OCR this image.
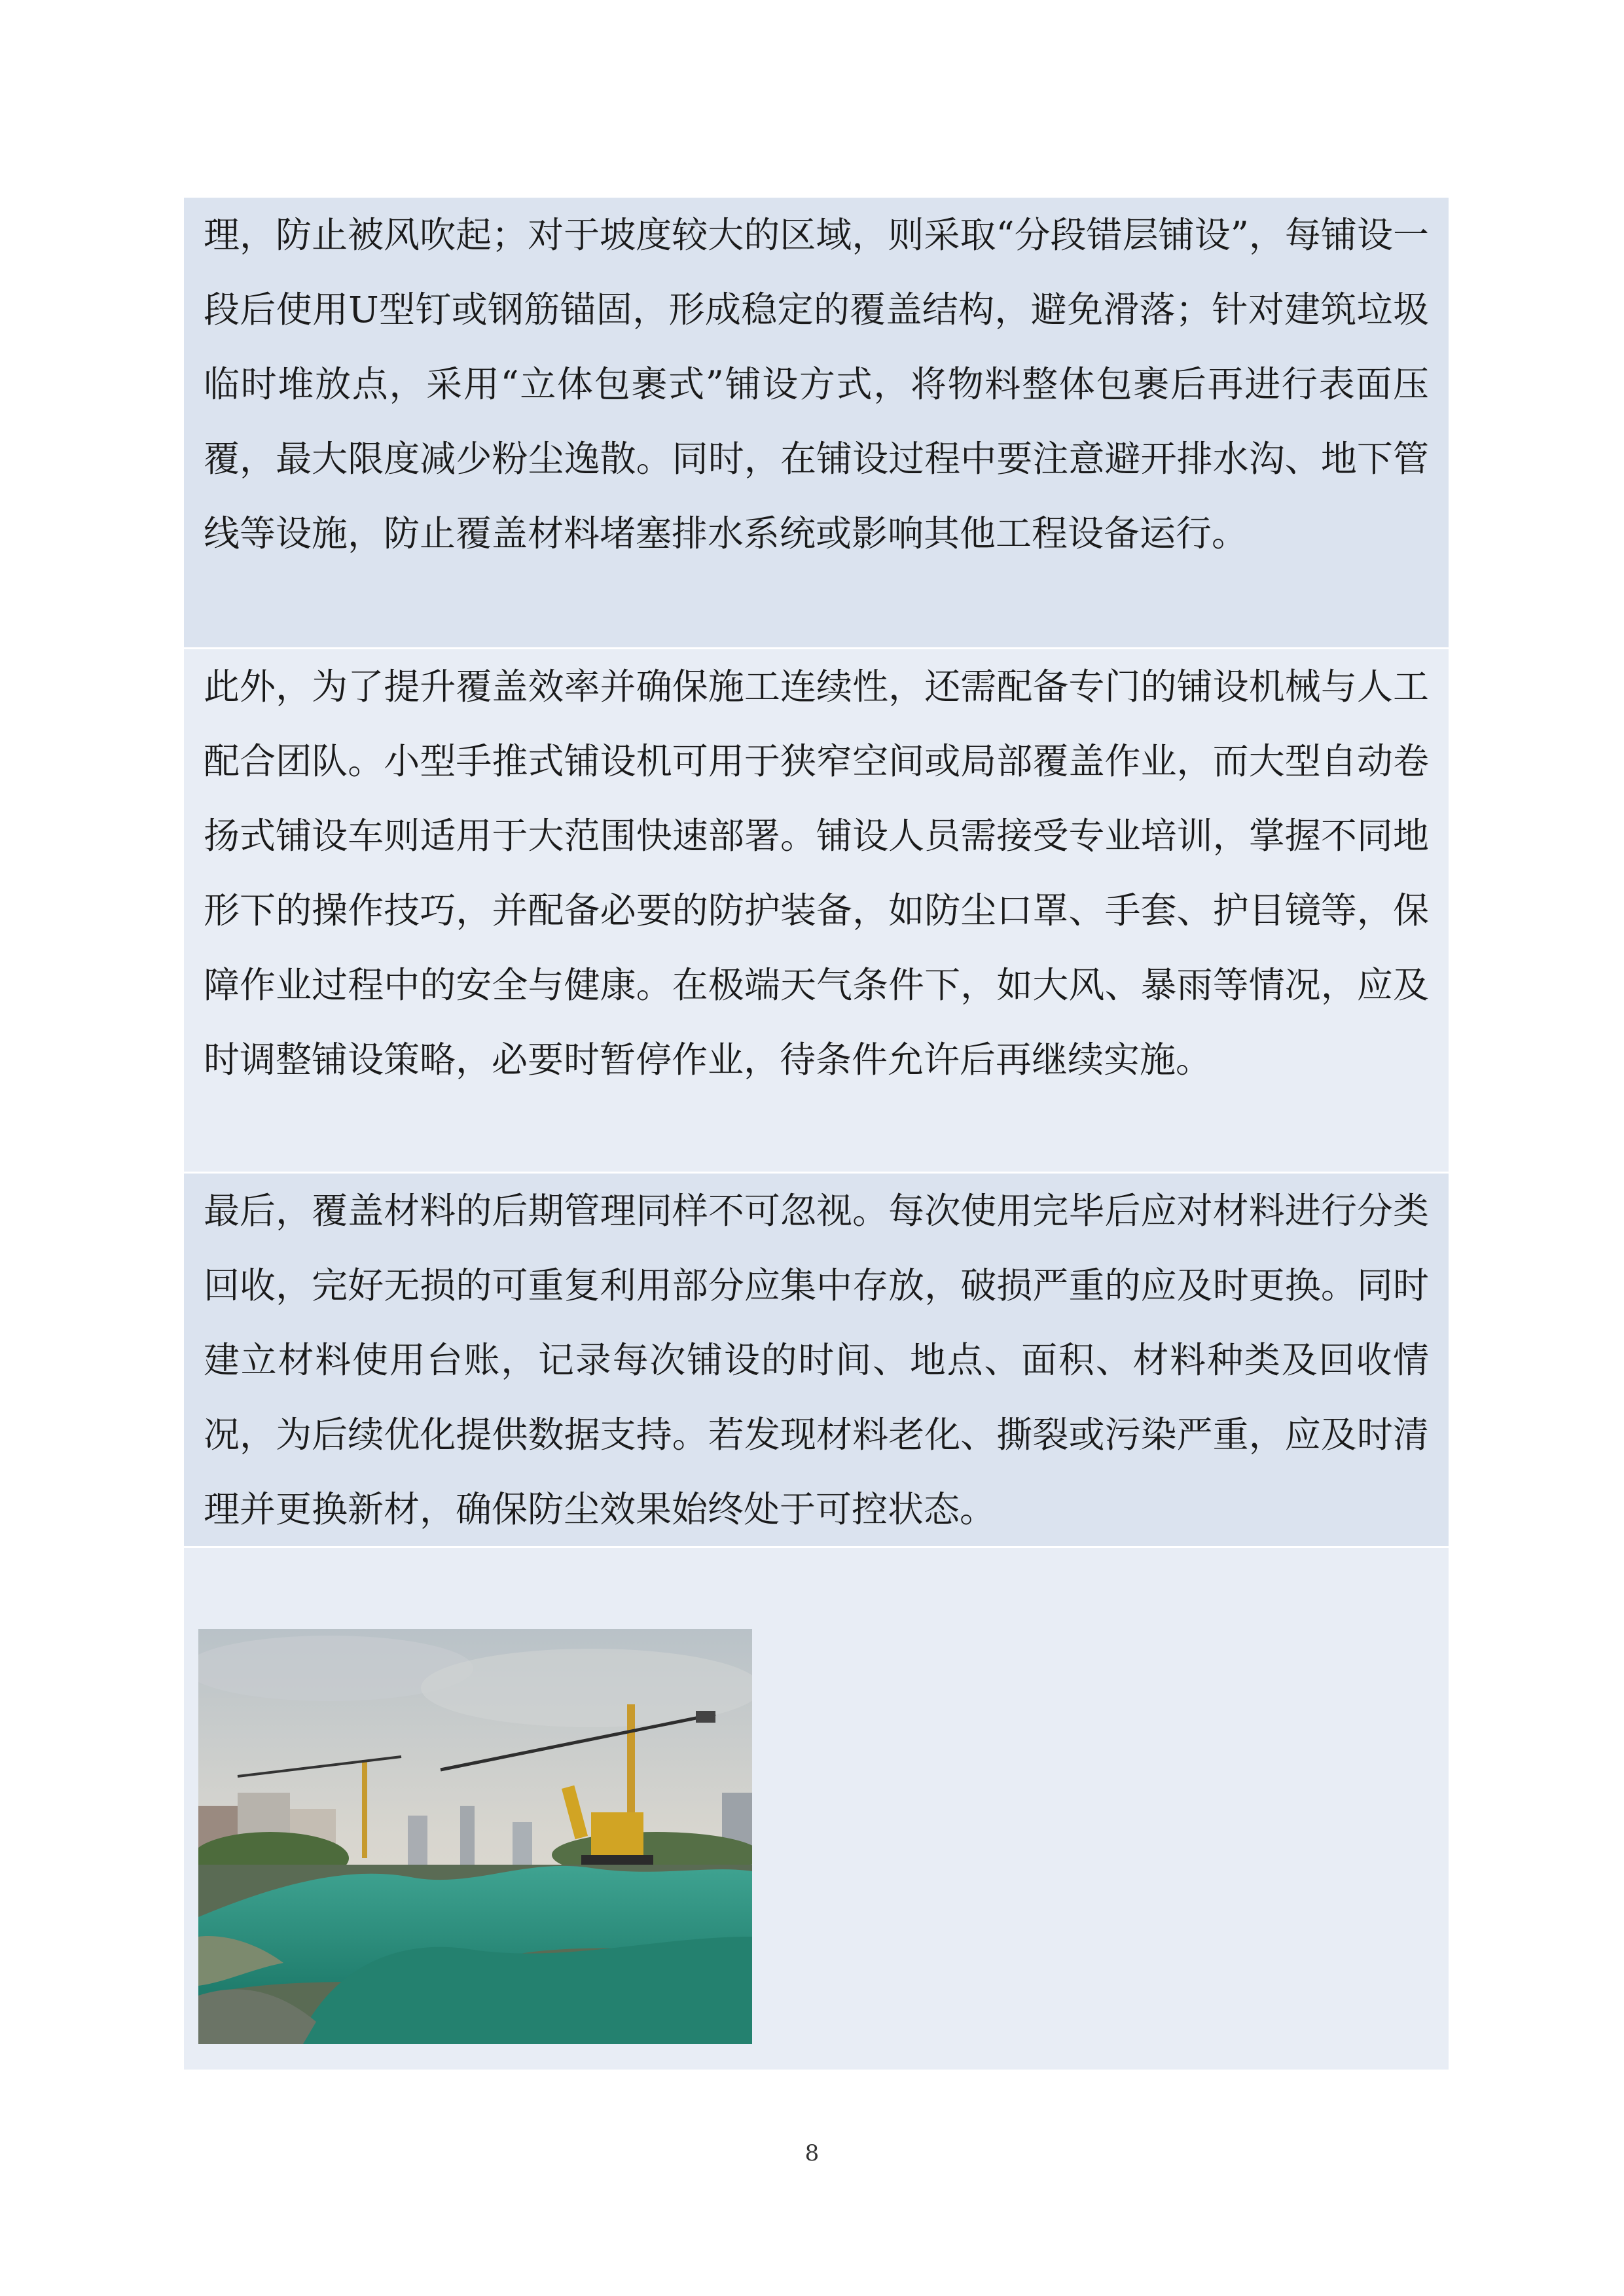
理，防止被风吹起；对于坡度较大的区域，则采取“分段错层铺设”，每铺设一段后使用U型钉或钢筋锚固，形成稳定的覆盖结构，避免滑落；针对建筑垃圾临时堆放点，采用“立体包裹式”铺设方式，将物料整体包裹后再进行表面压覆，最大限度减少粉尘逸散。同时，在铺设过程中要注意避开排水沟、地下管线等设施，防止覆盖材料堵塞排水系统或影响其他工程设备运行。

此外，为了提升覆盖效率并确保施工连续性，还需配备专门的铺设机械与人工配合团队。小型手推式铺设机可用于狭窄空间或局部覆盖作业，而大型自动卷扬式铺设车则适用于大范围快速部署。铺设人员需接受专业培训，掌握不同地形下的操作技巧，并配备必要的防护装备，如防尘口罩、手套、护目镜等，保障作业过程中的安全与健康。在极端天气条件下，如大风、暴雨等情况，应及时调整铺设策略，必要时暂停作业，待条件允许后再继续实施。

最后，覆盖材料的后期管理同样不可忽视。每次使用完毕后应对材料进行分类回收，完好无损的可重复利用部分应集中存放，破损严重的应及时更换。同时建立材料使用台账，记录每次铺设的时间、地点、面积、材料种类及回收情况，为后续优化提供数据支持。若发现材料老化、撕裂或污染严重，应及时清理并更换新材，确保防尘效果始终处于可控状态。

8
